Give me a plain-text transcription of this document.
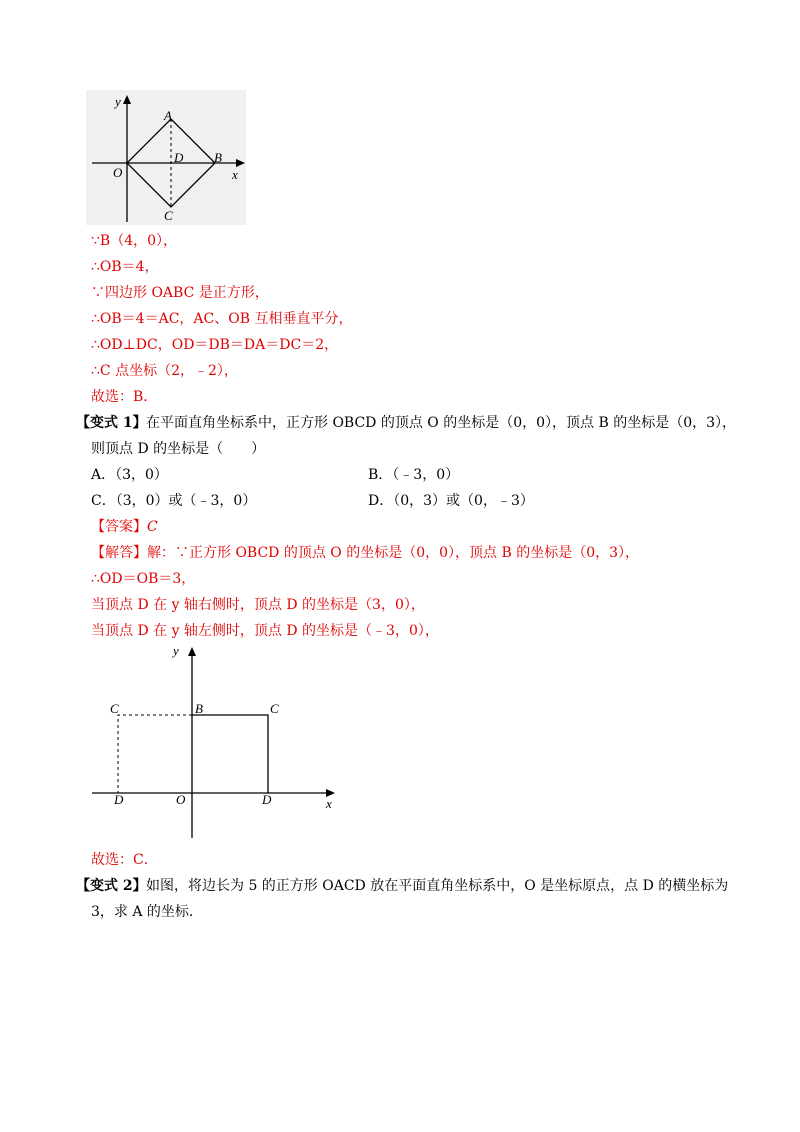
y
x
O
A
B
D
C
∵B（4，0），
∴OB＝4，
∵四边形 OABC 是正方形，
∴OB＝4＝AC，AC、OB 互相垂直平分，
∴OD⊥DC，OD＝DB＝DA＝DC＝2，
∴C 点坐标（2，﹣2），
故选：B．
【变式 1】 在平面直角坐标系中，正方形 OBCD 的顶点 O 的坐标是（0，0），顶点 B 的坐标是（0，3），
则顶点 D 的坐标是（　　）
A．（3，0）	B．（﹣3，0）
C．（3，0）或（﹣3，0）	D．（0，3）或（0，﹣3）
【答案】C
【解答】解：∵正方形 OBCD 的顶点 O 的坐标是（0，0），顶点 B 的坐标是（0，3），
∴OD＝OB＝3，
当顶点 D 在 y 轴右侧时，顶点 D 的坐标是（3，0），
当顶点 D 在 y 轴左侧时，顶点 D 的坐标是（﹣3，0），
y
x
O
B	C
C
D
D
故选：C．
【变式 2】 如图，将边长为 5 的正方形 OACD 放在平面直角坐标系中，O 是坐标原点，点 D 的横坐标为
3，求 A 的坐标．
